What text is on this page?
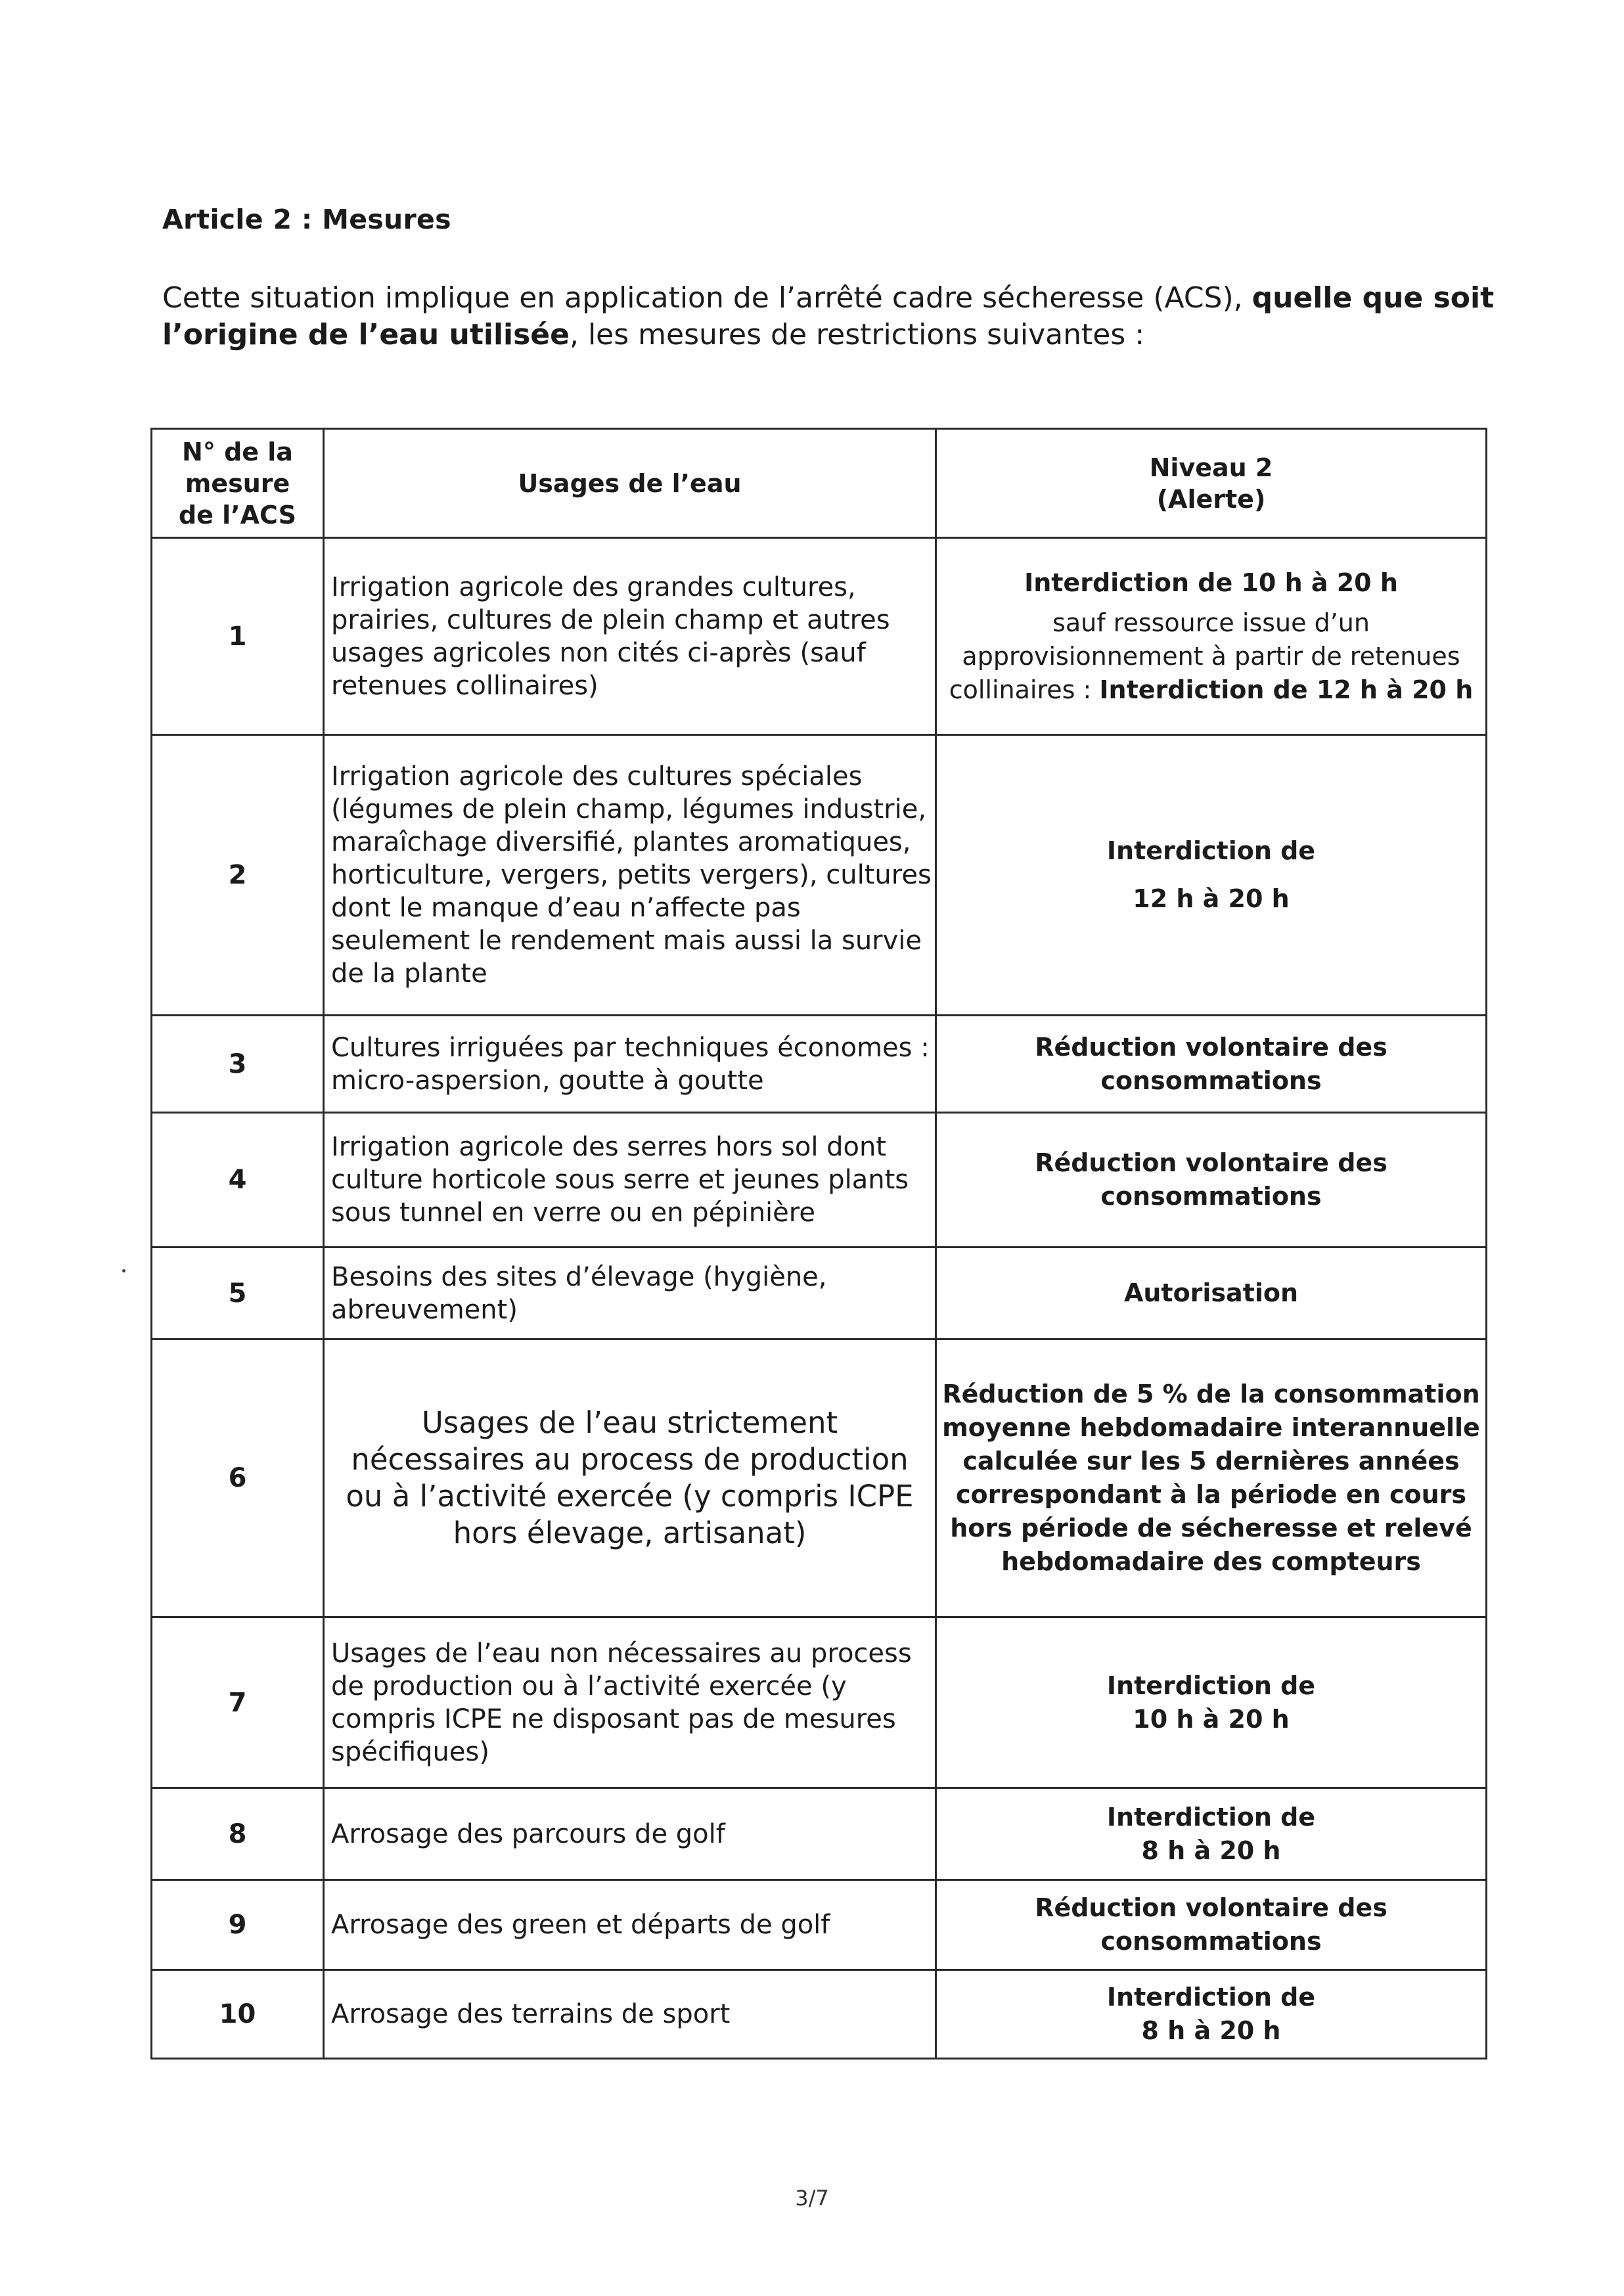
Article 2 : Mesures
Cette situation implique en application de l’arrêté cadre sécheresse (ACS), quelle que soit l’origine de l’eau utilisée, les mesures de restrictions suivantes :
N° de la mesure de l’ACS	Usages de l’eau	Niveau 2
(Alerte)

1	Irrigation agricole des grandes cultures, prairies, cultures de plein champ et autres usages agricoles non cités ci-après (sauf retenues collinaires)	Interdiction de 10 h à 20 h
sauf ressource issue d’un approvisionnement à partir de retenues collinaires : Interdiction de 12 h à 20 h

2	Irrigation agricole des cultures spéciales (légumes de plein champ, légumes industrie, maraîchage diversifié, plantes aromatiques, horticulture, vergers, petits vergers), cultures dont le manque d’eau n’affecte pas seulement le rendement mais aussi la survie de la plante	Interdiction de
12 h à 20 h

3	Cultures irriguées par techniques économes : micro-aspersion, goutte à goutte	Réduction volontaire des consommations

4	Irrigation agricole des serres hors sol dont culture horticole sous serre et jeunes plants sous tunnel en verre ou en pépinière	Réduction volontaire des consommations

5	Besoins des sites d’élevage (hygiène, abreuvement)	Autorisation

6	Usages de l’eau strictement nécessaires au process de production ou à l’activité exercée (y compris ICPE hors élevage, artisanat)	Réduction de 5 % de la consommation moyenne hebdomadaire interannuelle calculée sur les 5 dernières années correspondant à la période en cours hors période de sécheresse et relevé hebdomadaire des compteurs

7	Usages de l’eau non nécessaires au process de production ou à l’activité exercée (y compris ICPE ne disposant pas de mesures spécifiques)	Interdiction de
10 h à 20 h

8	Arrosage des parcours de golf	Interdiction de
8 h à 20 h

9	Arrosage des green et départs de golf	Réduction volontaire des consommations

10	Arrosage des terrains de sport	Interdiction de
8 h à 20 h
3/7
